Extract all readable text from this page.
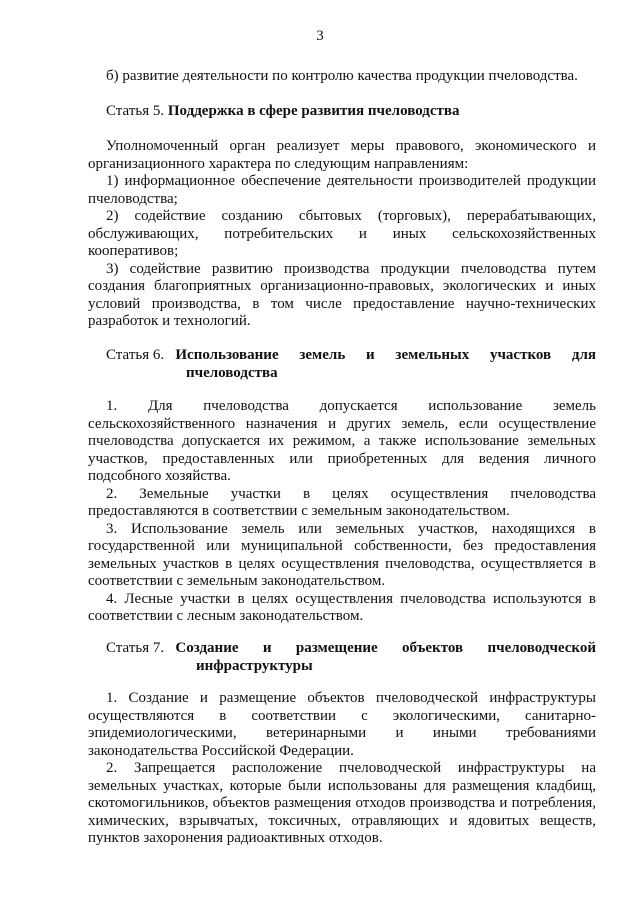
3

б) развитие деятельности по контролю качества продукции пчеловодства.

Статья 5. Поддержка в сфере развития пчеловодства

Уполномоченный орган реализует меры правового, экономического и организационного характера по следующим направлениям:

1) информационное обеспечение деятельности производителей продукции пчеловодства;

2) содействие созданию сбытовых (торговых), перерабатывающих, обслуживающих, потребительских и иных сельскохозяйственных кооперативов;

3) содействие развитию производства продукции пчеловодства путем создания благоприятных организационно-правовых, экологических и иных условий производства, в том числе предоставление научно-технических разработок и технологий.

Статья 6.
Использование земель и земельных участков для
пчеловодства

1. Для пчеловодства допускается использование земель сельскохозяйственного назначения и других земель, если осуществление пчеловодства допускается их режимом, а также использование земельных участков, предоставленных или приобретенных для ведения личного подсобного хозяйства.

2. Земельные участки в целях осуществления пчеловодства предоставляются в соответствии с земельным законодательством.

3. Использование земель или земельных участков, находящихся в государственной или муниципальной собственности, без предоставления земельных участков в целях осуществления пчеловодства, осуществляется в соответствии с земельным законодательством.

4. Лесные участки в целях осуществления пчеловодства используются в соответствии с лесным законодательством.

Статья 7.
Создание и размещение объектов пчеловодческой
инфраструктуры

1. Создание и размещение объектов пчеловодческой инфраструктуры осуществляются в соответствии с экологическими, санитарно-эпидемиологическими, ветеринарными и иными требованиями законодательства Российской Федерации.

2. Запрещается расположение пчеловодческой инфраструктуры на земельных участках, которые были использованы для размещения кладбищ, скотомогильников, объектов размещения отходов производства и потребления, химических, взрывчатых, токсичных, отравляющих и ядовитых веществ, пунктов захоронения радиоактивных отходов.
